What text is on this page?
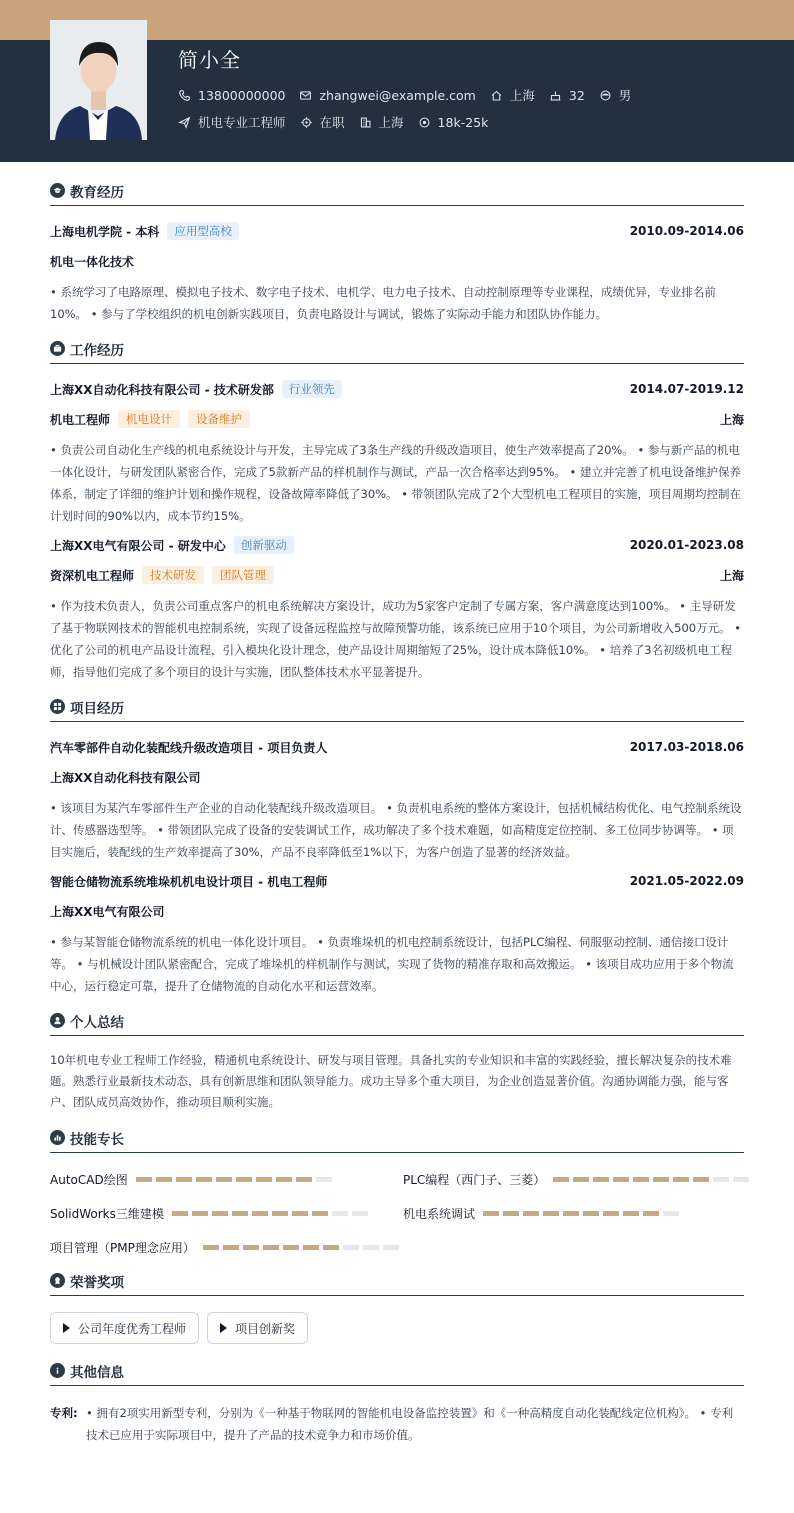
简小全
13800000000	zhangwei@example.com	上海	32	男
机电专业工程师	在职	上海	18k-25k
教育经历
上海电机学院 - 本科	应用型高校	2010.09-2014.06
机电一体化技术
• 系统学习了电路原理、模拟电子技术、数字电子技术、电机学、电力电子技术、自动控制原理等专业课程，成绩优异，专业排名前10%。 • 参与了学校组织的机电创新实践项目，负责电路设计与调试，锻炼了实际动手能力和团队协作能力。
工作经历
上海XX自动化科技有限公司 - 技术研发部	行业领先	2014.07-2019.12
机电工程师	机电设计	设备维护	上海
• 负责公司自动化生产线的机电系统设计与开发，主导完成了3条生产线的升级改造项目，使生产效率提高了20%。 • 参与新产品的机电一体化设计，与研发团队紧密合作，完成了5款新产品的样机制作与测试，产品一次合格率达到95%。 • 建立并完善了机电设备维护保养体系，制定了详细的维护计划和操作规程，设备故障率降低了30%。 • 带领团队完成了2个大型机电工程项目的实施，项目周期均控制在计划时间的90%以内，成本节约15%。
上海XX电气有限公司 - 研发中心	创新驱动	2020.01-2023.08
资深机电工程师	技术研发	团队管理	上海
• 作为技术负责人，负责公司重点客户的机电系统解决方案设计，成功为5家客户定制了专属方案，客户满意度达到100%。 • 主导研发了基于物联网技术的智能机电控制系统，实现了设备远程监控与故障预警功能，该系统已应用于10个项目，为公司新增收入500万元。 • 优化了公司的机电产品设计流程，引入模块化设计理念，使产品设计周期缩短了25%，设计成本降低10%。 • 培养了3名初级机电工程师，指导他们完成了多个项目的设计与实施，团队整体技术水平显著提升。
项目经历
汽车零部件自动化装配线升级改造项目 - 项目负责人	2017.03-2018.06
上海XX自动化科技有限公司
• 该项目为某汽车零部件生产企业的自动化装配线升级改造项目。 • 负责机电系统的整体方案设计，包括机械结构优化、电气控制系统设计、传感器选型等。 • 带领团队完成了设备的安装调试工作，成功解决了多个技术难题，如高精度定位控制、多工位同步协调等。 • 项目实施后，装配线的生产效率提高了30%，产品不良率降低至1%以下，为客户创造了显著的经济效益。
智能仓储物流系统堆垛机机电设计项目 - 机电工程师	2021.05-2022.09
上海XX电气有限公司
• 参与某智能仓储物流系统的机电一体化设计项目。 • 负责堆垛机的机电控制系统设计，包括PLC编程、伺服驱动控制、通信接口设计等。 • 与机械设计团队紧密配合，完成了堆垛机的样机制作与测试，实现了货物的精准存取和高效搬运。 • 该项目成功应用于多个物流中心，运行稳定可靠，提升了仓储物流的自动化水平和运营效率。
个人总结
10年机电专业工程师工作经验，精通机电系统设计、研发与项目管理。具备扎实的专业知识和丰富的实践经验，擅长解决复杂的技术难题。熟悉行业最新技术动态，具有创新思维和团队领导能力。成功主导多个重大项目，为企业创造显著价值。沟通协调能力强，能与客户、团队成员高效协作，推动项目顺利实施。
技能专长
AutoCAD绘图	PLC编程（西门子、三菱）
SolidWorks三维建模	机电系统调试
项目管理（PMP理念应用）
荣誉奖项
公司年度优秀工程师	项目创新奖
其他信息
专利: • 拥有2项实用新型专利，分别为《一种基于物联网的智能机电设备监控装置》和《一种高精度自动化装配线定位机构》。 • 专利技术已应用于实际项目中，提升了产品的技术竞争力和市场价值。
